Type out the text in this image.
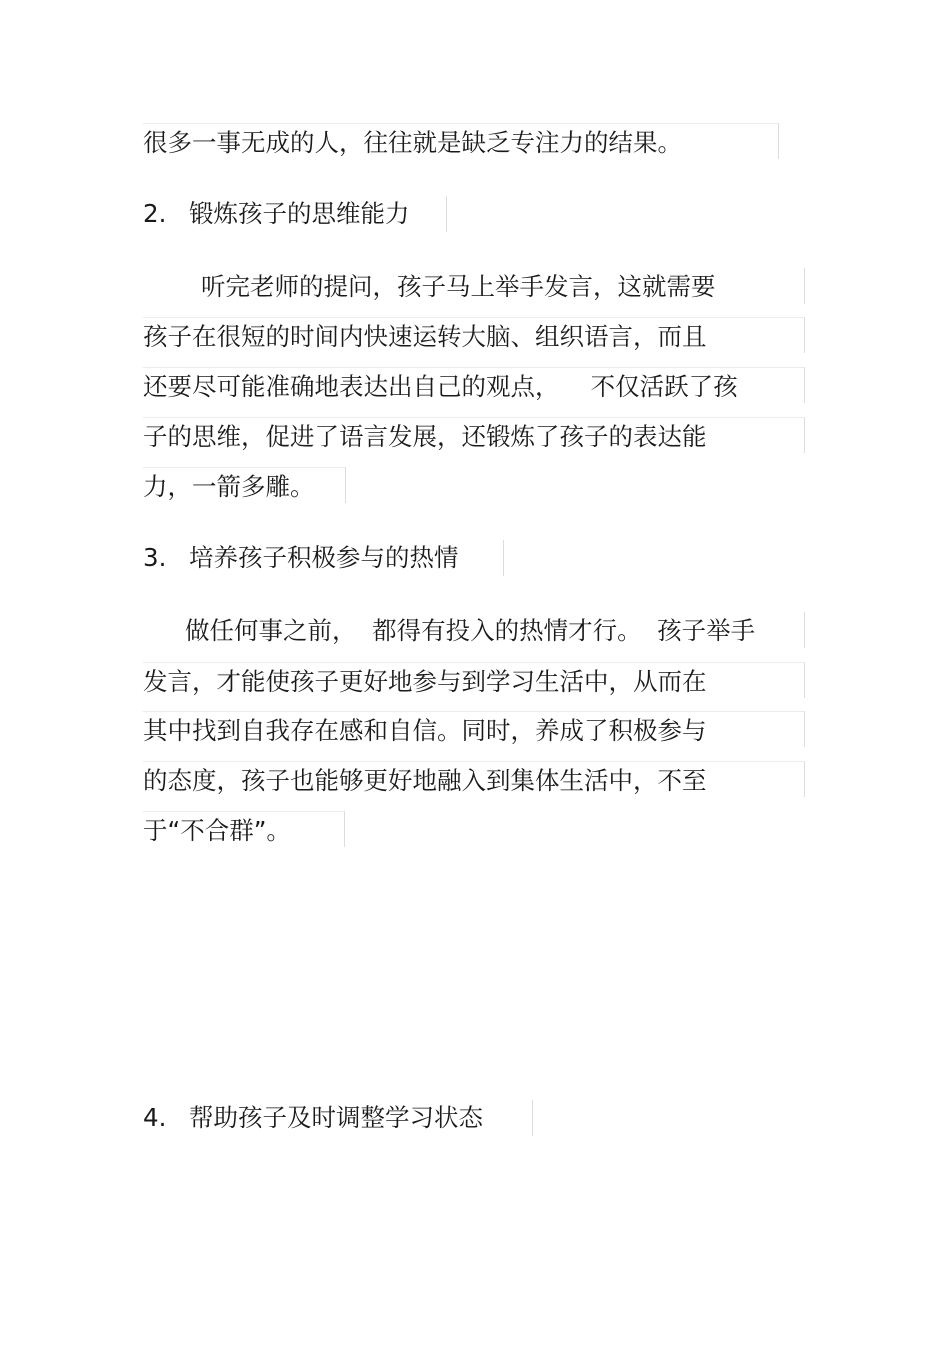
很多一事无成的人，往往就是缺乏专注力的结果。
2. 锻炼孩子的思维能力
听完老师的提问，孩子马上举手发言，这就需要
孩子在很短的时间内快速运转大脑、组织语言，而且
还要尽可能准确地表达出自己的观点，    不仅活跃了孩
子的思维，促进了语言发展，还锻炼了孩子的表达能
力，一箭多雕。
3. 培养孩子积极参与的热情
做任何事之前，  都得有投入的热情才行。  孩子举手
发言，才能使孩子更好地参与到学习生活中，从而在
其中找到自我存在感和自信。同时，养成了积极参与
的态度，孩子也能够更好地融入到集体生活中，不至
于“不合群”。
4. 帮助孩子及时调整学习状态
